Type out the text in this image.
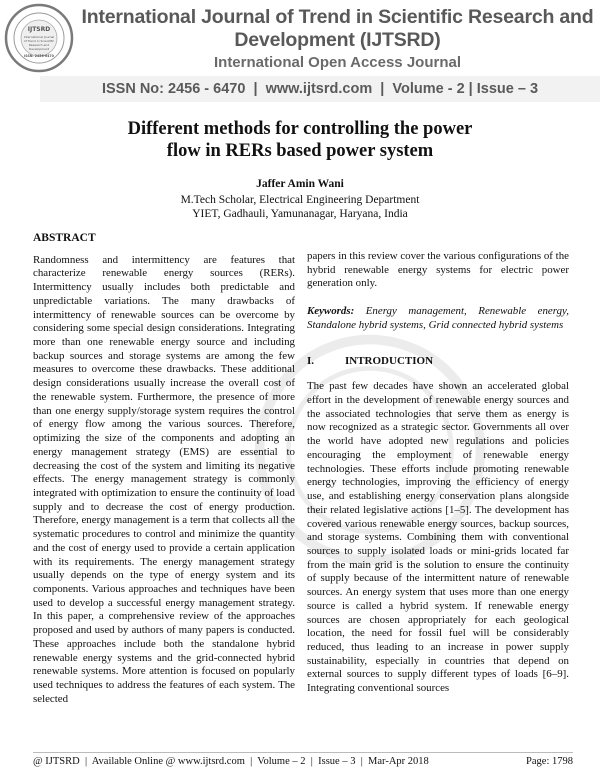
IJTSRD
International Journal
of Trend in Scientific
Research and
Development
ISSN: 2456-6470
International Journal of Trend in Scientific Research and Development (IJTSRD)
International Open Access Journal
ISSN No: 2456 - 6470  |  www.ijtsrd.com  |  Volume - 2 | Issue – 3
Different methods for controlling the power
flow in RERs based power system
Jaffer Amin Wani
M.Tech Scholar, Electrical Engineering Department
YIET, Gadhauli, Yamunanagar, Haryana, India
ABSTRACT

Randomness and intermittency are features that characterize renewable energy sources (RERs). Intermittency usually includes both predictable and unpredictable variations. The many drawbacks of intermittency of renewable sources can be overcome by considering some special design considerations. Integrating more than one renewable energy source and including backup sources and storage systems are among the few measures to overcome these drawbacks. These additional design considerations usually increase the overall cost of the renewable system. Furthermore, the presence of more than one energy supply/storage system requires the control of energy flow among the various sources. Therefore, optimizing the size of the components and adopting an energy management strategy (EMS) are essential to decreasing the cost of the system and limiting its negative effects. The energy management strategy is commonly integrated with optimization to ensure the continuity of load supply and to decrease the cost of energy production. Therefore, energy management is a term that collects all the systematic procedures to control and minimize the quantity and the cost of energy used to provide a certain application with its requirements. The energy management strategy usually depends on the type of energy system and its components. Various approaches and techniques have been used to develop a successful energy management strategy. In this paper, a comprehensive review of the approaches proposed and used by authors of many papers is conducted. These approaches include both the standalone hybrid renewable energy systems and the grid-connected hybrid renewable systems. More attention is focused on popularly used techniques to address the features of each system. The selected

papers in this review cover the various configurations of the hybrid renewable energy systems for electric power generation only.

Keywords: Energy management, Renewable energy, Standalone hybrid systems, Grid connected hybrid systems

I.	INTRODUCTION

The past few decades have shown an accelerated global effort in the development of renewable energy sources and the associated technologies that serve them as energy is now recognized as a strategic sector. Governments all over the world have adopted new regulations and policies encouraging the employment of renewable energy technologies. These efforts include promoting renewable energy technologies, improving the efficiency of energy use, and establishing energy conservation plans alongside their related legislative actions [1–5]. The development has covered various renewable energy sources, backup sources, and storage systems. Combining them with conventional sources to supply isolated loads or mini-grids located far from the main grid is the solution to ensure the continuity of supply because of the intermittent nature of renewable sources. An energy system that uses more than one energy source is called a hybrid system. If renewable energy sources are chosen appropriately for each geological location, the need for fossil fuel will be considerably reduced, thus leading to an increase in power supply sustainability, especially in countries that depend on external sources to supply different types of loads [6–9]. Integrating conventional sources

@ IJTSRD  |  Available Online @ www.ijtsrd.com  |  Volume – 2  |  Issue – 3  |  Mar-Apr 2018	Page: 1798
